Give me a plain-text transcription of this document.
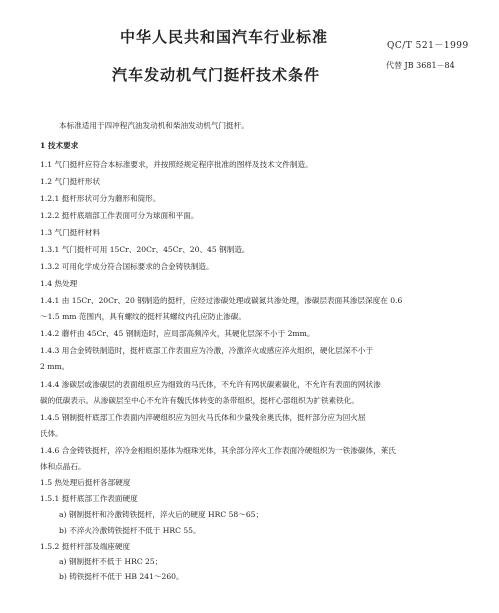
中华人民共和国汽车行业标准	QC/T 521－1999
汽车发动机气门挺杆技术条件
代替 JB 3681－84
本标准适用于四冲程汽油发动机和柴油发动机气门挺杆。
1 技术要求
1.1 气门挺杆应符合本标准要求，并按照经规定程序批准的图样及技术文件制造。
1.2 气门挺杆形状
1.2.1 挺杆形状可分为蘑形和筒形。
1.2.2 挺杆底端部工作表面可分为球面和平面。
1.3 气门挺杆材料
1.3.1 气门挺杆可用 15Cr、20Cr、45Cr、20、45 钢制造。
1.3.2 可用化学成分符合国标要求的合金铸铁制造。
1.4 热处理
1.4.1 由 15Cr、20Cr、20 钢制造的挺杆，应经过渗碳处理或碳氮共渗处理，渗碳层表面其渗层深度在 0.6
～1.5 mm 范围内，具有螺纹的挺杆其螺纹内孔应防止渗碳。
1.4.2 蘑杆由 45Cr、45 钢制造时，应局部高频淬火，其硬化层深不小于 2mm。
1.4.3 用合金铸铁制造时，挺杆底部工作表面应为冷激，冷激淬火或感应淬火组织，硬化层深不小于
2 mm。
1.4.4 渗碳层或渗碳层的表面组织应为细致的马氏体，不允许有网状碳素碳化，不允许有表面的网状渗
碳的低碳表示。从渗碳层至中心不允许有魏氏体转变的条带组织，挺杆心部组织为扩铁素铁化。
1.4.5 钢制挺杆底部工作表面内淬硬组织应为回火马氏体和少量残余奥氏体，挺杆部分应为回火屈
氏体。
1.4.6 合金铸铁挺杆，淬冷金相组织基体为细珠光体，其余部分淬火工作表面冷硬组织为一铁渗碳体，莱氏
体和点晶石。
1.5 热处理后挺杆各部硬度
1.5.1 挺杆底部工作表面硬度
a) 钢制挺杆和冷激铸铁挺杆，淬火后的硬度 HRC 58～65；
b) 不淬火冷激铸铁挺杆不低于 HRC 55。
1.5.2 挺杆杆部及端座硬度
a) 钢制挺杆不低于 HRC 25；
b) 铸铁挺杆不低于 HB 241～260。
